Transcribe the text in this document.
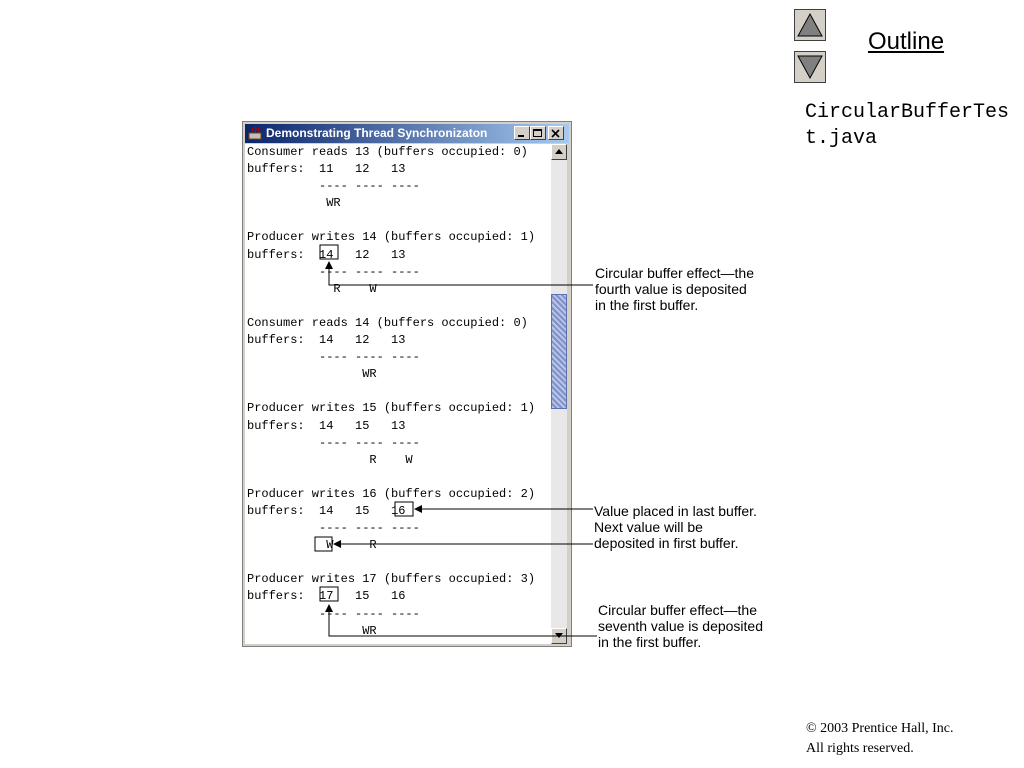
Outline
CircularBufferTest.java
Demonstrating Thread Synchronizaton
Consumer reads 13 (buffers occupied: 0)
buffers:  11   12   13
---- ---- ----
WR
Producer writes 14 (buffers occupied: 1)
buffers:  14   12   13
---- ---- ----
R    W
Consumer reads 14 (buffers occupied: 0)
buffers:  14   12   13
---- ---- ----
WR
Producer writes 15 (buffers occupied: 1)
buffers:  14   15   13
---- ---- ----
R    W
Producer writes 16 (buffers occupied: 2)
buffers:  14   15   16
---- ---- ----
W     R
Producer writes 17 (buffers occupied: 3)
buffers:  17   15   16
---- ---- ----
WR
Circular buffer effect—the
fourth value is deposited
in the first buffer.
Value placed in last buffer.
Next value will be
deposited in first buffer.
Circular buffer effect—the
seventh value is deposited
in the first buffer.
© 2003 Prentice Hall, Inc.
All rights reserved.
